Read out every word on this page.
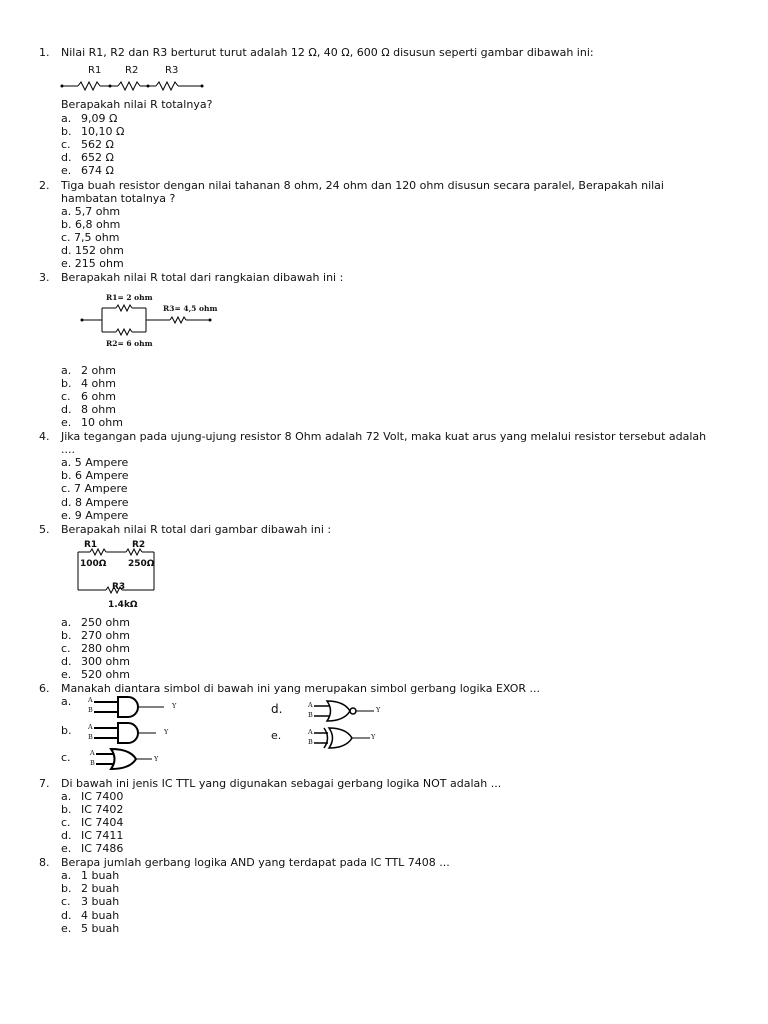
1. Nilai R1, R2 dan R3 berturut turut adalah 12 Ω, 40 Ω, 600 Ω disusun seperti gambar dibawah ini:
R1 R2	R3
Berapakah nilai R totalnya?
a. 9,09 Ω
b. 10,10 Ω
c. 562 Ω
d. 652 Ω
e. 674 Ω
2. Tiga buah resistor dengan nilai tahanan 8 ohm, 24 ohm dan 120 ohm disusun secara paralel, Berapakah nilai
hambatan totalnya ?
a. 5,7 ohm
b. 6,8 ohm
c. 7,5 ohm
d. 152 ohm
e. 215 ohm
3. Berapakah nilai R total dari rangkaian dibawah ini :
R1= 2 ohm
R3= 4,5 ohm
R2= 6 ohm
a. 2 ohm
b. 4 ohm
c. 6 ohm
d. 8 ohm
e. 10 ohm
4. Jika tegangan pada ujung-ujung resistor 8 Ohm adalah 72 Volt, maka kuat arus yang melalui resistor tersebut adalah
....
a. 5 Ampere
b. 6 Ampere
c. 7 Ampere
d. 8 Ampere
e. 9 Ampere
5. Berapakah nilai R total dari gambar dibawah ini :
R1	R2
100Ω 250Ω
R3
1.4kΩ
a. 250 ohm
b. 270 ohm
c. 280 ohm
d. 300 ohm
e. 520 ohm
6. Manakah diantara simbol di bawah ini yang merupakan simbol gerbang logika EXOR ...
a.	A
B	Y
b.	A
B
Y
c.	A
B	Y
d.	A
B
Y
e.	A
B
Y
7. Di bawah ini jenis IC TTL yang digunakan sebagai gerbang logika NOT adalah ...
a. IC 7400
b. IC 7402
c. IC 7404
d. IC 7411
e. IC 7486
8. Berapa jumlah gerbang logika AND yang terdapat pada IC TTL 7408 ...
a. 1 buah
b. 2 buah
c. 3 buah
d. 4 buah
e. 5 buah
